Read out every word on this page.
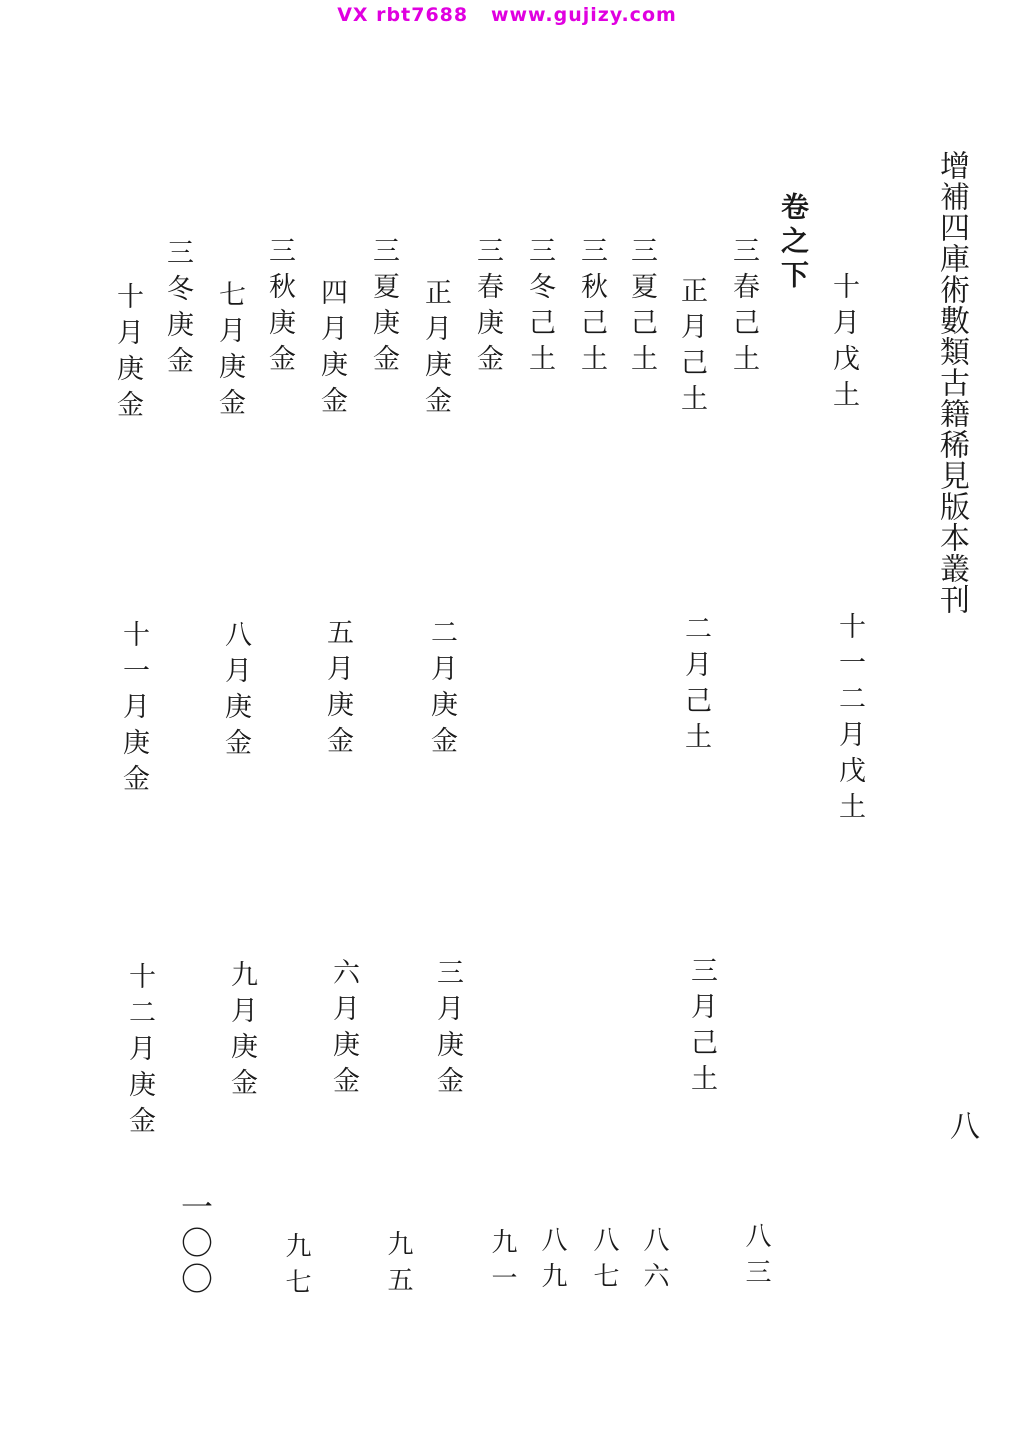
VX rbt7688   www.gujizy.com
增補四庫術數類古籍稀見版本叢刊
八
十月戊土
十一二月戊土
卷之下
三春己土
正月己土
二月己土
三月己土
三夏己土
三秋己土
三冬己土
三春庚金
正月庚金
二月庚金
三月庚金
三夏庚金
四月庚金
五月庚金
六月庚金
三秋庚金
七月庚金
八月庚金
九月庚金
三冬庚金
十月庚金
十一月庚金
十二月庚金
八三
八六
八七
八九
九一
九五
九七
一〇〇
